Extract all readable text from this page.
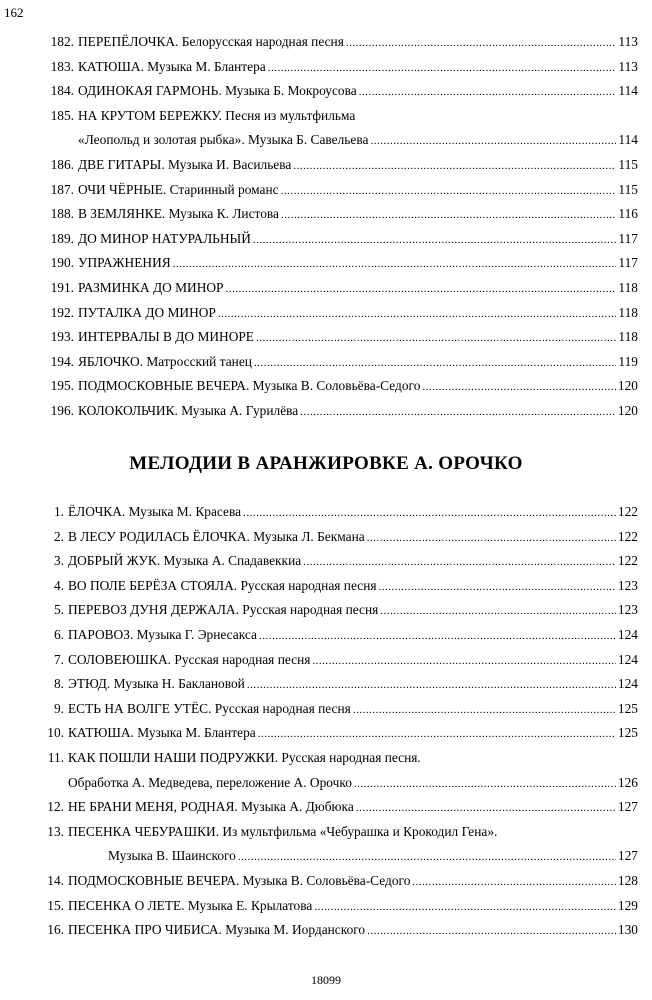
162
182. ПЕРЕПЁЛОЧКА. Белорусская народная песня .....	113
183. КАТЮША. Музыка М. Блантера .....	113
184. ОДИНОКАЯ ГАРМОНЬ. Музыка Б. Мокроусова .....	114
185. НА КРУТОМ БЕРЕЖКУ. Песня из мультфильма
«Леопольд и золотая рыбка». Музыка Б. Савельева .....	114
186. ДВЕ ГИТАРЫ. Музыка И. Васильева .....	115
187. ОЧИ ЧЁРНЫЕ. Старинный романс .....	115
188. В ЗЕМЛЯНКЕ. Музыка К. Листова .....	116
189. ДО МИНОР НАТУРАЛЬНЫЙ .....	117
190. УПРАЖНЕНИЯ .....	117
191. РАЗМИНКА ДО МИНОР .....	118
192. ПУТАЛКА ДО МИНОР .....	118
193. ИНТЕРВАЛЫ В ДО МИНОРЕ .....	118
194. ЯБЛОЧКО. Матросский танец .....	119
195. ПОДМОСКОВНЫЕ ВЕЧЕРА. Музыка В. Соловьёва-Седого .....	120
196. КОЛОКОЛЬЧИК. Музыка А. Гурилёва .....	120
МЕЛОДИИ В АРАНЖИРОВКЕ А. ОРОЧКО
1. ЁЛОЧКА. Музыка М. Красева .....	122
2. В ЛЕСУ РОДИЛАСЬ ЁЛОЧКА. Музыка Л. Бекмана .....	122
3. ДОБРЫЙ ЖУК. Музыка А. Спадавеккиа .....	122
4. ВО ПОЛЕ БЕРЁЗА СТОЯЛА. Русская народная песня .....	123
5. ПЕРЕВОЗ ДУНЯ ДЕРЖАЛА. Русская народная песня .....	123
6. ПАРОВОЗ. Музыка Г. Эрнесакса .....	124
7. СОЛОВЕЮШКА. Русская народная песня .....	124
8. ЭТЮД. Музыка Н. Баклановой .....	124
9. ЕСТЬ НА ВОЛГЕ УТЁС. Русская народная песня .....	125
10. КАТЮША. Музыка М. Блантера .....	125
11. КАК ПОШЛИ НАШИ ПОДРУЖКИ. Русская народная песня.
Обработка А. Медведева, переложение А. Орочко .....	126
12. НЕ БРАНИ МЕНЯ, РОДНАЯ. Музыка А. Дюбюка .....	127
13. ПЕСЕНКА ЧЕБУРАШКИ. Из мультфильма «Чебурашка и Крокодил Гена».
Музыка В. Шаинского .....	127
14. ПОДМОСКОВНЫЕ ВЕЧЕРА. Музыка В. Соловьёва-Седого .....	128
15. ПЕСЕНКА О ЛЕТЕ. Музыка Е. Крылатова .....	129
16. ПЕСЕНКА ПРО ЧИБИСА. Музыка М. Иорданского .....	130
18099
